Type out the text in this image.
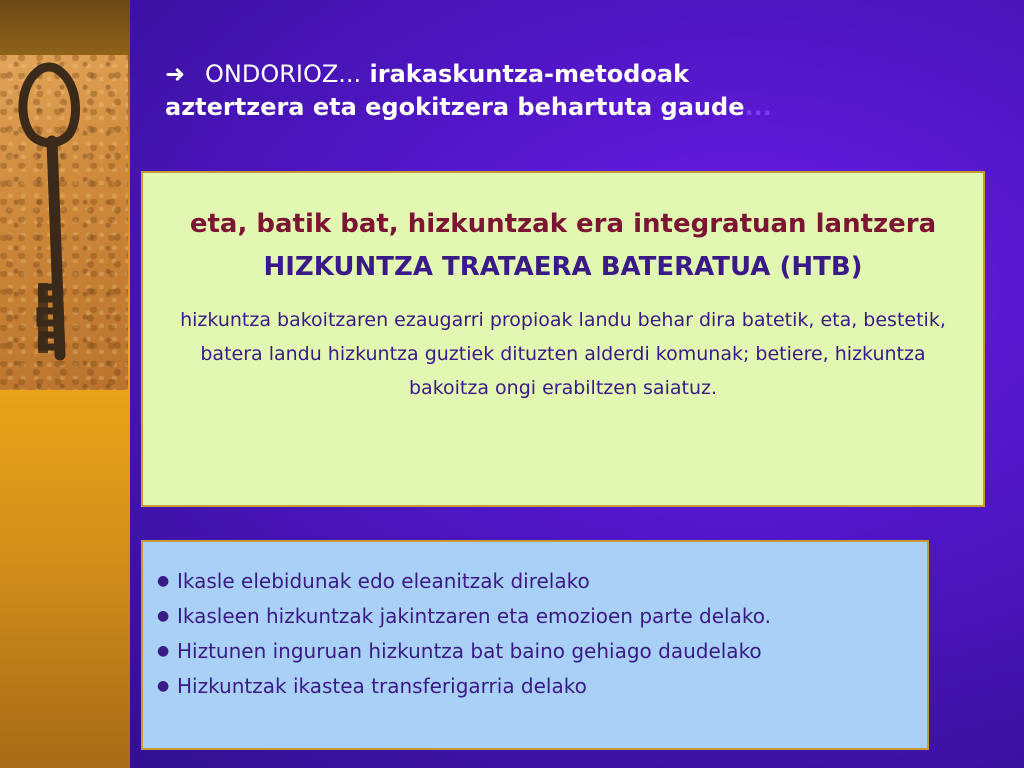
➜ ONDORIOZ... irakaskuntza-metodoak
aztertzera eta egokitzera behartuta gaude...
eta, batik bat, hizkuntzak era integratuan lantzera
HIZKUNTZA TRATAERA BATERATUA (HTB)
hizkuntza bakoitzaren ezaugarri propioak landu behar dira batetik, eta, bestetik, batera landu hizkuntza guztiek dituzten alderdi komunak; betiere, hizkuntza bakoitza ongi erabiltzen saiatuz.
● Ikasle elebidunak edo eleanitzak direlako
● Ikasleen hizkuntzak jakintzaren eta emozioen parte delako.
● Hiztunen inguruan hizkuntza bat baino gehiago daudelako
● Hizkuntzak ikastea transferigarria delako
